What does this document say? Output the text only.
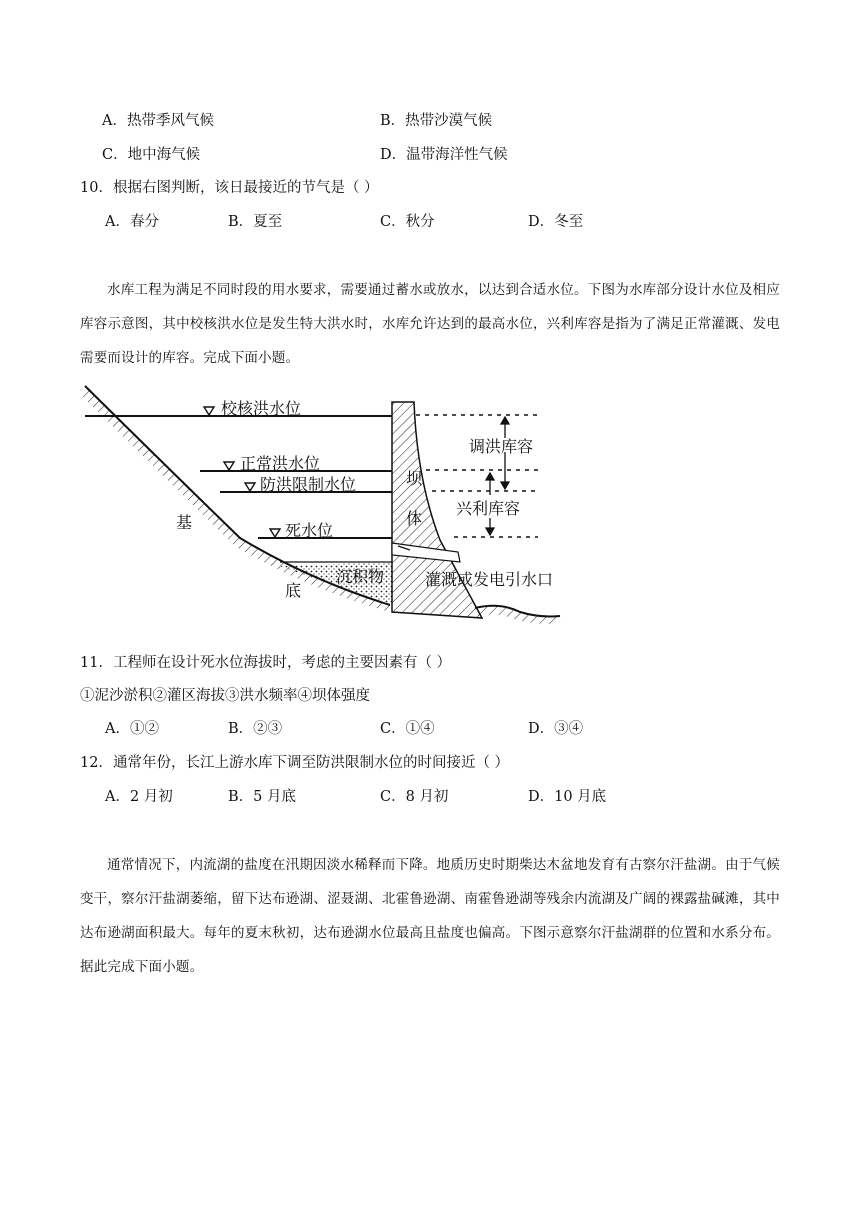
A．热带季风气候	B．热带沙漠气候
C．地中海气候	D．温带海洋性气候
10．根据右图判断，该日最接近的节气是（ ）
A．春分	B．夏至	C．秋分	D．冬至
水库工程为满足不同时段的用水要求，需要通过蓄水或放水，以达到合适水位。下图为水库部分设计水位及相应库容示意图，其中校核洪水位是发生特大洪水时，水库允许达到的最高水位，兴利库容是指为了满足正常灌溉、发电需要而设计的库容。完成下面小题。
校核洪水位
正常洪水位
防洪限制水位
死水位
基
底
沉积物
坝
体
调洪库容
兴利库容
灌溉或发电引水口
11．工程师在设计死水位海拔时，考虑的主要因素有（ ）
①泥沙淤积②灌区海拔③洪水频率④坝体强度
A．①②	B．②③	C．①④	D．③④
12．通常年份，长江上游水库下调至防洪限制水位的时间接近（ ）
A．2 月初	B．5 月底	C．8 月初	D．10 月底
通常情况下，内流湖的盐度在汛期因淡水稀释而下降。地质历史时期柴达木盆地发育有古察尔汗盐湖。由于气候变干，察尔汗盐湖萎缩，留下达布逊湖、涩聂湖、北霍鲁逊湖、南霍鲁逊湖等残余内流湖及广阔的裸露盐碱滩，其中达布逊湖面积最大。每年的夏末秋初，达布逊湖水位最高且盐度也偏高。下图示意察尔汗盐湖群的位置和水系分布。据此完成下面小题。
